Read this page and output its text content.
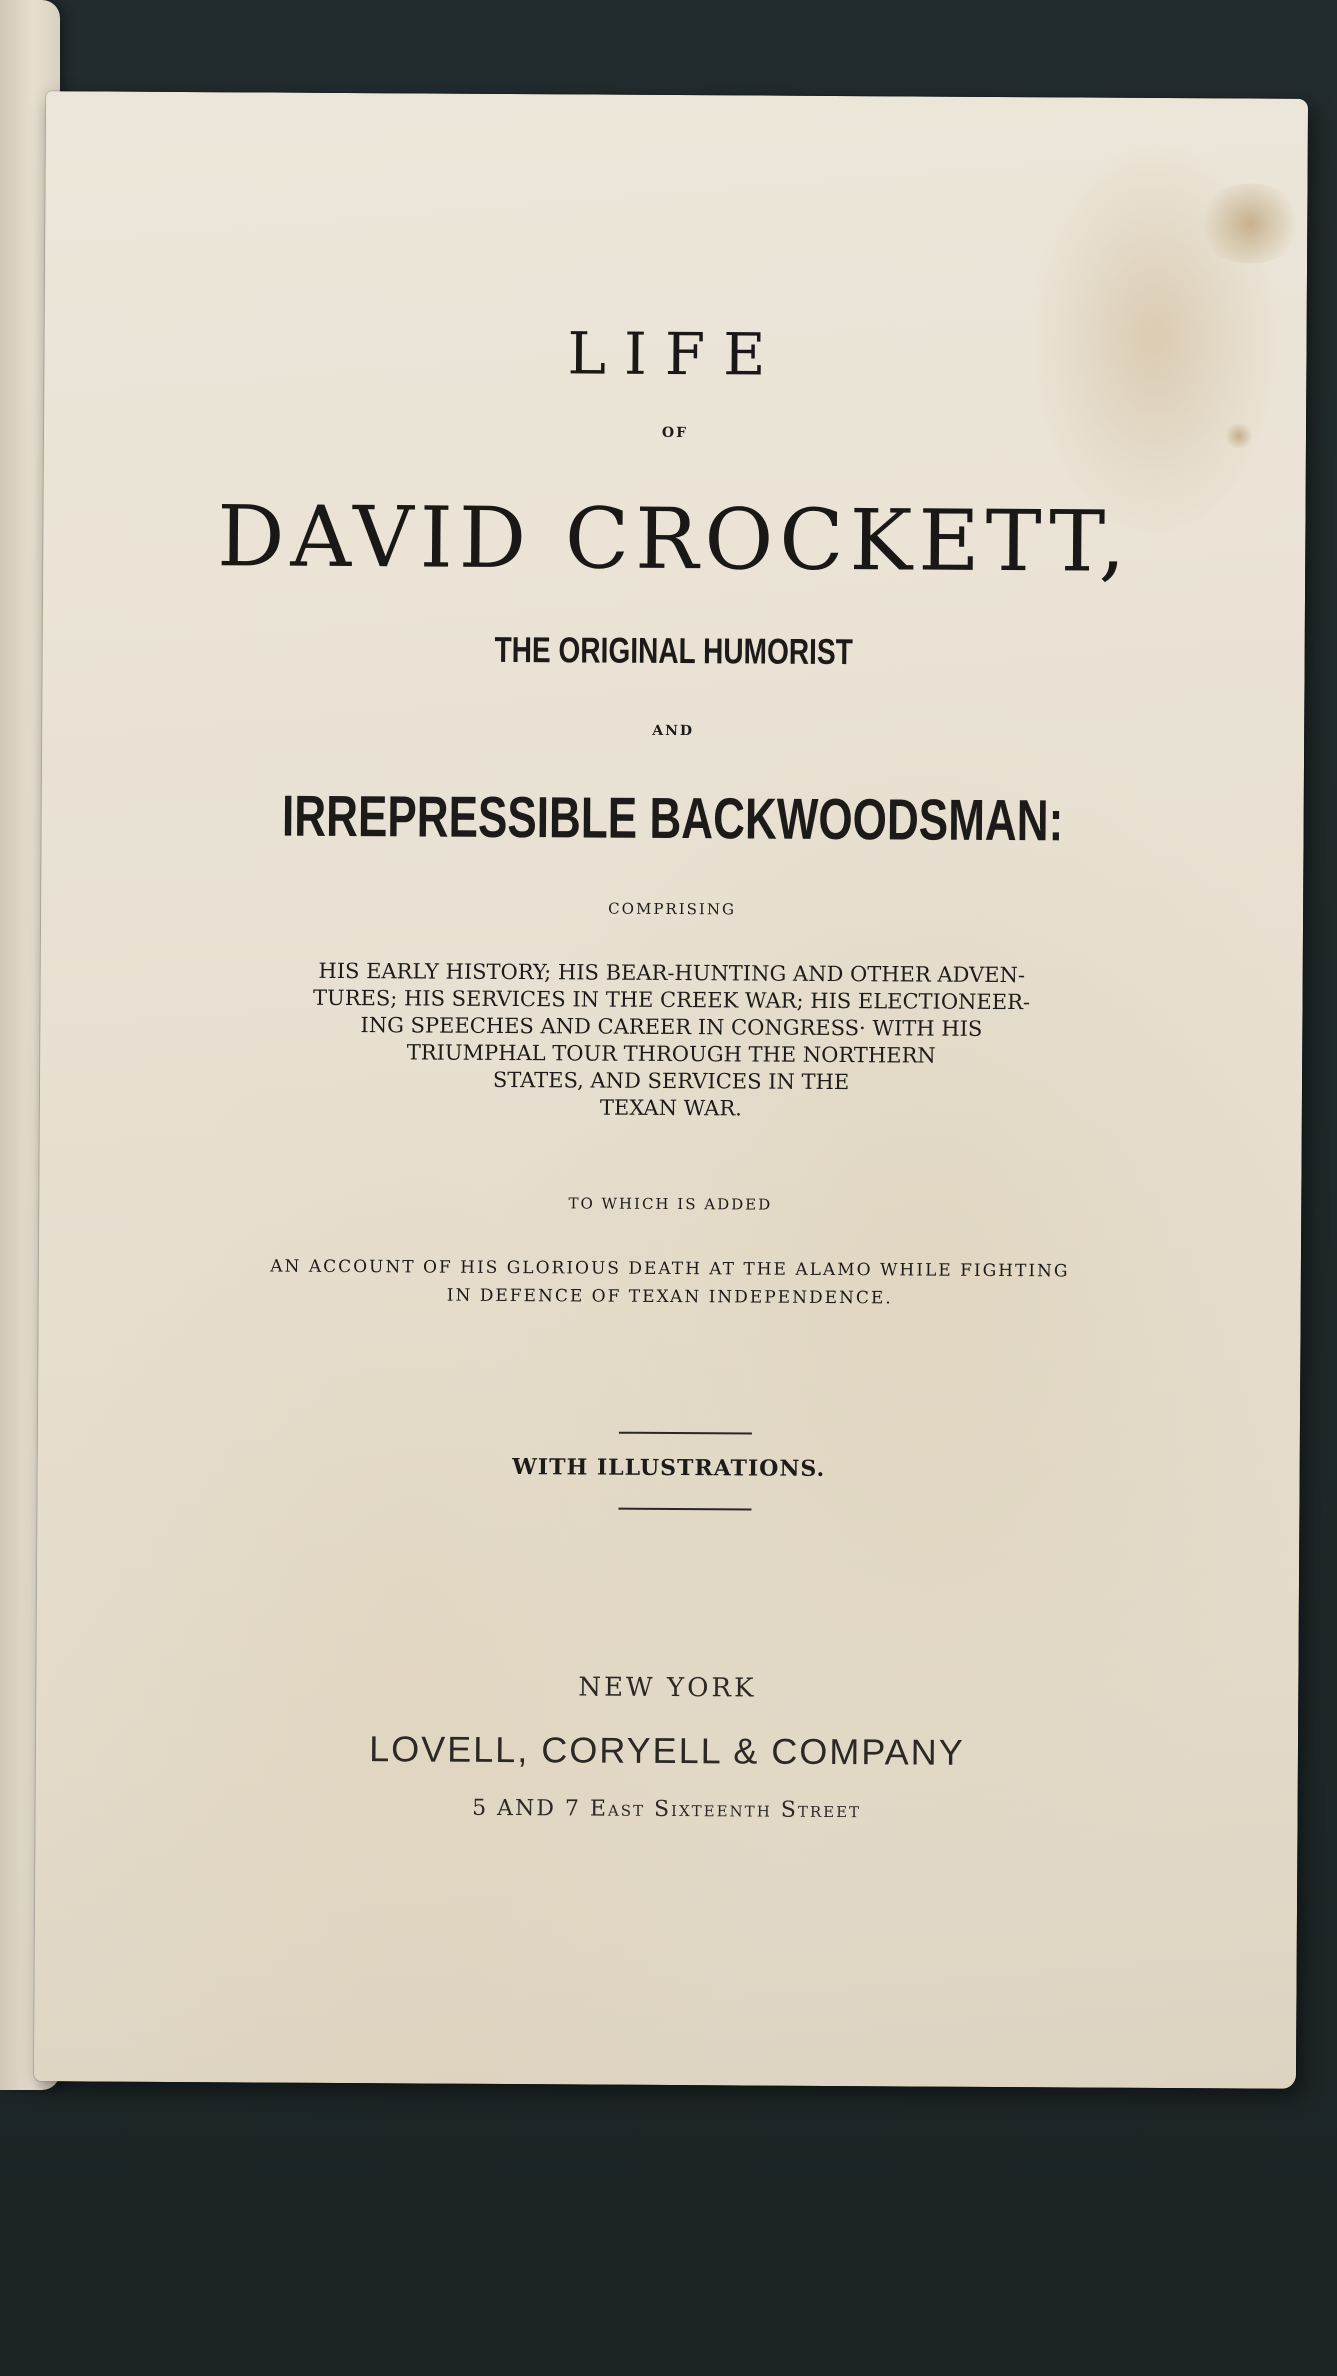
LIFE
OF
DAVID CROCKETT,
THE ORIGINAL HUMORIST
AND
IRREPRESSIBLE BACKWOODSMAN:
COMPRISING
HIS EARLY HISTORY; HIS BEAR-HUNTING AND OTHER ADVEN-
TURES; HIS SERVICES IN THE CREEK WAR; HIS ELECTIONEER-
ING SPEECHES AND CAREER IN CONGRESS· WITH HIS
TRIUMPHAL TOUR THROUGH THE NORTHERN
STATES, AND SERVICES IN THE
TEXAN WAR.
TO WHICH IS ADDED
AN ACCOUNT OF HIS GLORIOUS DEATH AT THE ALAMO WHILE FIGHTING
IN DEFENCE OF TEXAN INDEPENDENCE.
WITH ILLUSTRATIONS.
NEW YORK
LOVELL, CORYELL & COMPANY
5 AND 7 East Sixteenth Street
